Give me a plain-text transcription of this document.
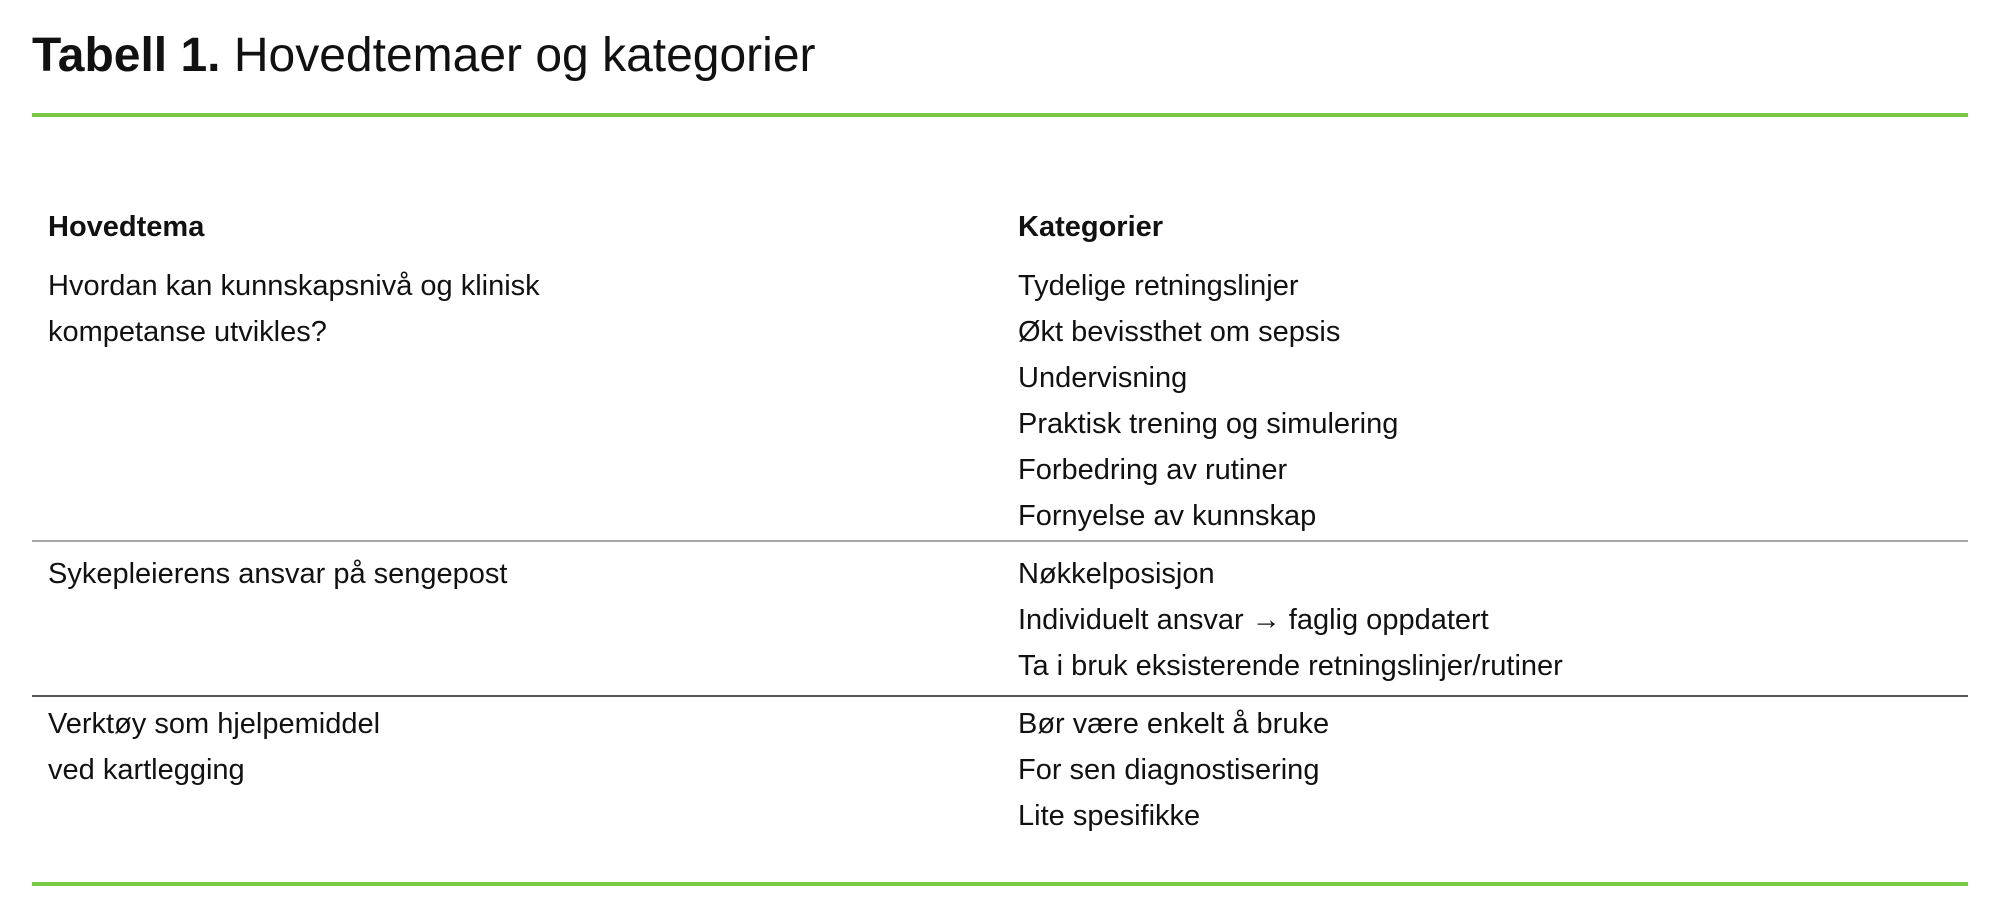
Tabell 1. Hovedtemaer og kategorier
Hovedtema	Kategorier
Hvordan kan kunnskapsnivå og klinisk
kompetanse utvikles?
Tydelige retningslinjer
Økt bevissthet om sepsis
Undervisning
Praktisk trening og simulering
Forbedring av rutiner
Fornyelse av kunnskap
Sykepleierens ansvar på sengepost	Nøkkelposisjon
Individuelt ansvar → faglig oppdatert
Ta i bruk eksisterende retningslinjer/rutiner
Verktøy som hjelpemiddel
ved kartlegging
Bør være enkelt å bruke
For sen diagnostisering
Lite spesifikke
